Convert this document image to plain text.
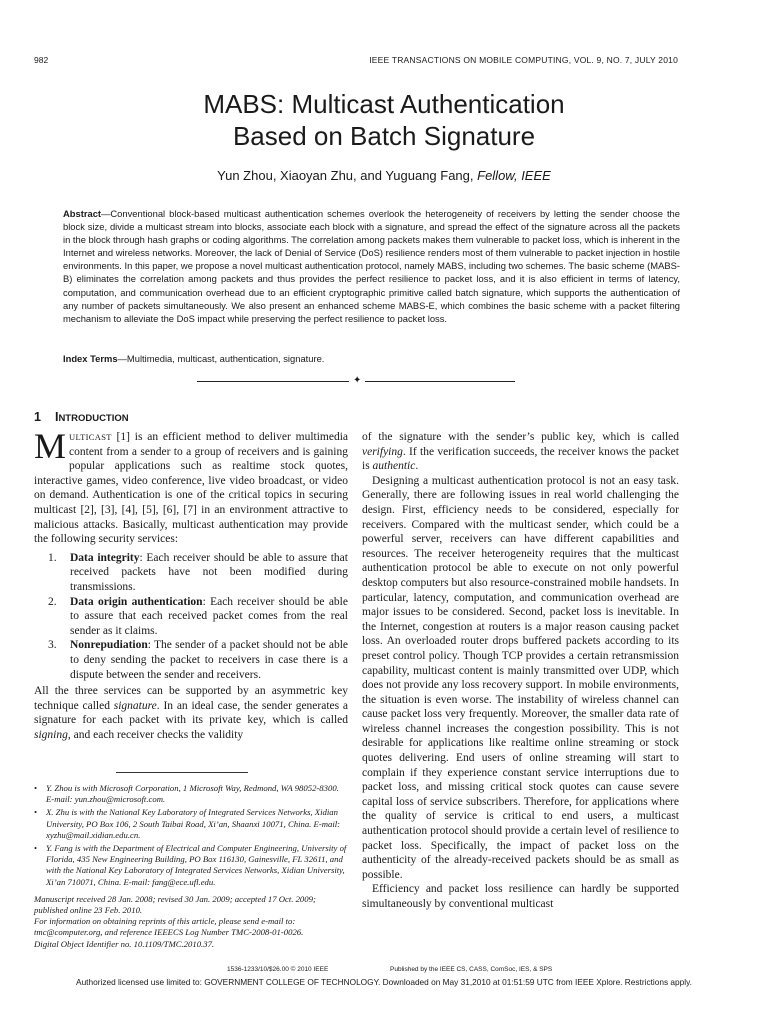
982	IEEE TRANSACTIONS ON MOBILE COMPUTING, VOL. 9, NO. 7, JULY 2010
MABS: Multicast Authentication
Based on Batch Signature
Yun Zhou, Xiaoyan Zhu, and Yuguang Fang, Fellow, IEEE
Abstract—Conventional block-based multicast authentication schemes overlook the heterogeneity of receivers by letting the sender choose the block size, divide a multicast stream into blocks, associate each block with a signature, and spread the effect of the signature across all the packets in the block through hash graphs or coding algorithms. The correlation among packets makes them vulnerable to packet loss, which is inherent in the Internet and wireless networks. Moreover, the lack of Denial of Service (DoS) resilience renders most of them vulnerable to packet injection in hostile environments. In this paper, we propose a novel multicast authentication protocol, namely MABS, including two schemes. The basic scheme (MABS-B) eliminates the correlation among packets and thus provides the perfect resilience to packet loss, and it is also efficient in terms of latency, computation, and communication overhead due to an efficient cryptographic primitive called batch signature, which supports the authentication of any number of packets simultaneously. We also present an enhanced scheme MABS-E, which combines the basic scheme with a packet filtering mechanism to alleviate the DoS impact while preserving the perfect resilience to packet loss.
Index Terms—Multimedia, multicast, authentication, signature.
✦
1 INTRODUCTION

MULTICAST [1] is an efficient method to deliver multimedia content from a sender to a group of receivers and is gaining popular applications such as realtime stock quotes, interactive games, video conference, live video broadcast, or video on demand. Authentication is one of the critical topics in securing multicast [2], [3], [4], [5], [6], [7] in an environment attractive to malicious attacks. Basically, multicast authentication may provide the following security services:

1. Data integrity: Each receiver should be able to assure that received packets have not been modified during transmissions.
2. Data origin authentication: Each receiver should be able to assure that each received packet comes from the real sender as it claims.
3. Nonrepudiation: The sender of a packet should not be able to deny sending the packet to receivers in case there is a dispute between the sender and receivers.

All the three services can be supported by an asymmetric key technique called signature. In an ideal case, the sender generates a signature for each packet with its private key, which is called signing, and each receiver checks the validity

• Y. Zhou is with Microsoft Corporation, 1 Microsoft Way, Redmond, WA 98052-8300. E-mail: yun.zhou@microsoft.com.
• X. Zhu is with the National Key Laboratory of Integrated Services Networks, Xidian University, PO Box 106, 2 South Taibai Road, Xi’an, Shaanxi 10071, China. E-mail: xyzhu@mail.xidian.edu.cn.
• Y. Fang is with the Department of Electrical and Computer Engineering, University of Florida, 435 New Engineering Building, PO Box 116130, Gainesville, FL 32611, and with the National Key Laboratory of Integrated Services Networks, Xidian University, Xi’an 710071, China. E-mail: fang@ece.ufl.edu.
Manuscript received 28 Jan. 2008; revised 30 Jan. 2009; accepted 17 Oct. 2009; published online 23 Feb. 2010.
For information on obtaining reprints of this article, please send e-mail to: tmc@computer.org, and reference IEEECS Log Number TMC-2008-01-0026.
Digital Object Identifier no. 10.1109/TMC.2010.37.

of the signature with the sender’s public key, which is called verifying. If the verification succeeds, the receiver knows the packet is authentic.

Designing a multicast authentication protocol is not an easy task. Generally, there are following issues in real world challenging the design. First, efficiency needs to be considered, especially for receivers. Compared with the multicast sender, which could be a powerful server, receivers can have different capabilities and resources. The receiver heterogeneity requires that the multicast authentication protocol be able to execute on not only powerful desktop computers but also resource-constrained mobile handsets. In particular, latency, computation, and communication overhead are major issues to be considered. Second, packet loss is inevitable. In the Internet, congestion at routers is a major reason causing packet loss. An overloaded router drops buffered packets according to its preset control policy. Though TCP provides a certain retransmission capability, multicast content is mainly transmitted over UDP, which does not provide any loss recovery support. In mobile environments, the situation is even worse. The instability of wireless channel can cause packet loss very frequently. Moreover, the smaller data rate of wireless channel increases the congestion possibility. This is not desirable for applications like realtime online streaming or stock quotes delivering. End users of online streaming will start to complain if they experience constant service interruptions due to packet loss, and missing critical stock quotes can cause severe capital loss of service subscribers. Therefore, for applications where the quality of service is critical to end users, a multicast authentication protocol should provide a certain level of resilience to packet loss. Specifically, the impact of packet loss on the authenticity of the already-received packets should be as small as possible.

Efficiency and packet loss resilience can hardly be supported simultaneously by conventional multicast

1536-1233/10/$26.00 © 2010 IEEE	Published by the IEEE CS, CASS, ComSoc, IES, & SPS
Authorized licensed use limited to: GOVERNMENT COLLEGE OF TECHNOLOGY. Downloaded on May 31,2010 at 01:51:59 UTC from IEEE Xplore. Restrictions apply.
